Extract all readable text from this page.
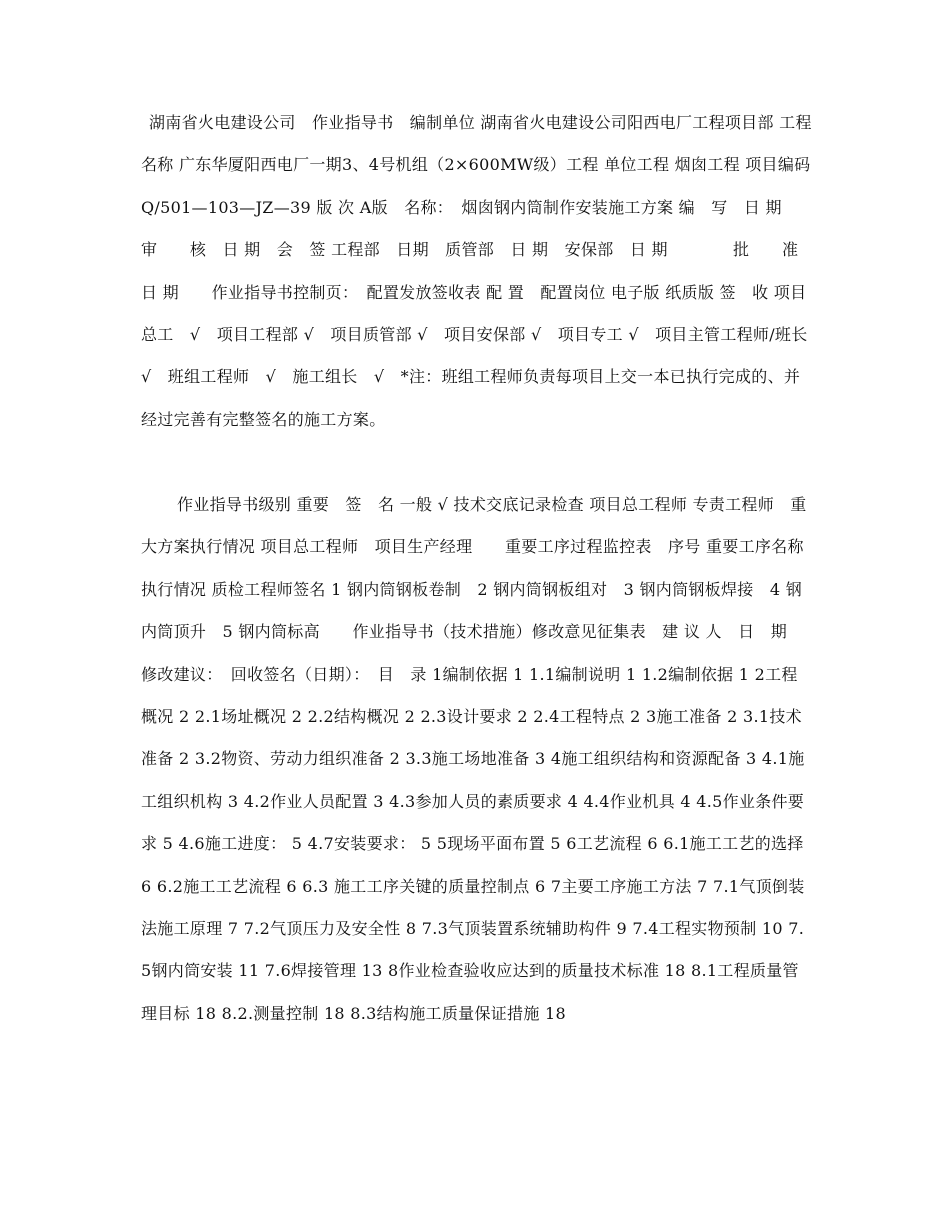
湖南省火电建设公司　作业指导书　编制单位 湖南省火电建设公司阳西电厂工程项目部 工程名称 广东华厦阳西电厂一期3、4号机组（2×600MW级）工程 单位工程 烟囱工程 项目编码 Q/501—103—JZ—39 版 次 A版　名称：　烟囱钢内筒制作安装施工方案 编　写　日 期　审　　核　日 期　会　签 工程部　日期　质管部　日 期　安保部　日 期　　　　批　　准　日 期　　作业指导书控制页：　配置发放签收表 配 置　配置岗位 电子版 纸质版 签　收 项目总工　√　项目工程部 √　项目质管部 √　项目安保部 √　项目专工 √　项目主管工程师/班长　√　班组工程师　√　施工组长　√　*注：班组工程师负责每项目上交一本已执行完成的、并经过完善有完整签名的施工方案。

作业指导书级别 重要　签　名 一般 √ 技术交底记录检查 项目总工程师 专责工程师　重大方案执行情况 项目总工程师　项目生产经理　　重要工序过程监控表　序号 重要工序名称 执行情况 质检工程师签名 1 钢内筒钢板卷制　2 钢内筒钢板组对　3 钢内筒钢板焊接　4 钢内筒顶升　5 钢内筒标高　　作业指导书（技术措施）修改意见征集表　建 议 人　日　期　修改建议：　回收签名（日期）：　目　录 1编制依据 1 1.1编制说明 1 1.2编制依据 1 2工程概况 2 2.1场址概况 2 2.2结构概况 2 2.3设计要求 2 2.4工程特点 2 3施工准备 2 3.1技术准备 2 3.2物资、劳动力组织准备 2 3.3施工场地准备 3 4施工组织结构和资源配备 3 4.1施工组织机构 3 4.2作业人员配置 3 4.3参加人员的素质要求 4 4.4作业机具 4 4.5作业条件要求 5 4.6施工进度： 5 4.7安装要求： 5 5现场平面布置 5 6工艺流程 6 6.1施工工艺的选择 6 6.2施工工艺流程 6 6.3 施工工序关键的质量控制点 6 7主要工序施工方法 7 7.1气顶倒装法施工原理 7 7.2气顶压力及安全性 8 7.3气顶装置系统辅助构件 9 7.4工程实物预制 10 7.5钢内筒安装 11 7.6焊接管理 13 8作业检查验收应达到的质量技术标准 18 8.1工程质量管理目标 18 8.2.测量控制 18 8.3结构施工质量保证措施 18
